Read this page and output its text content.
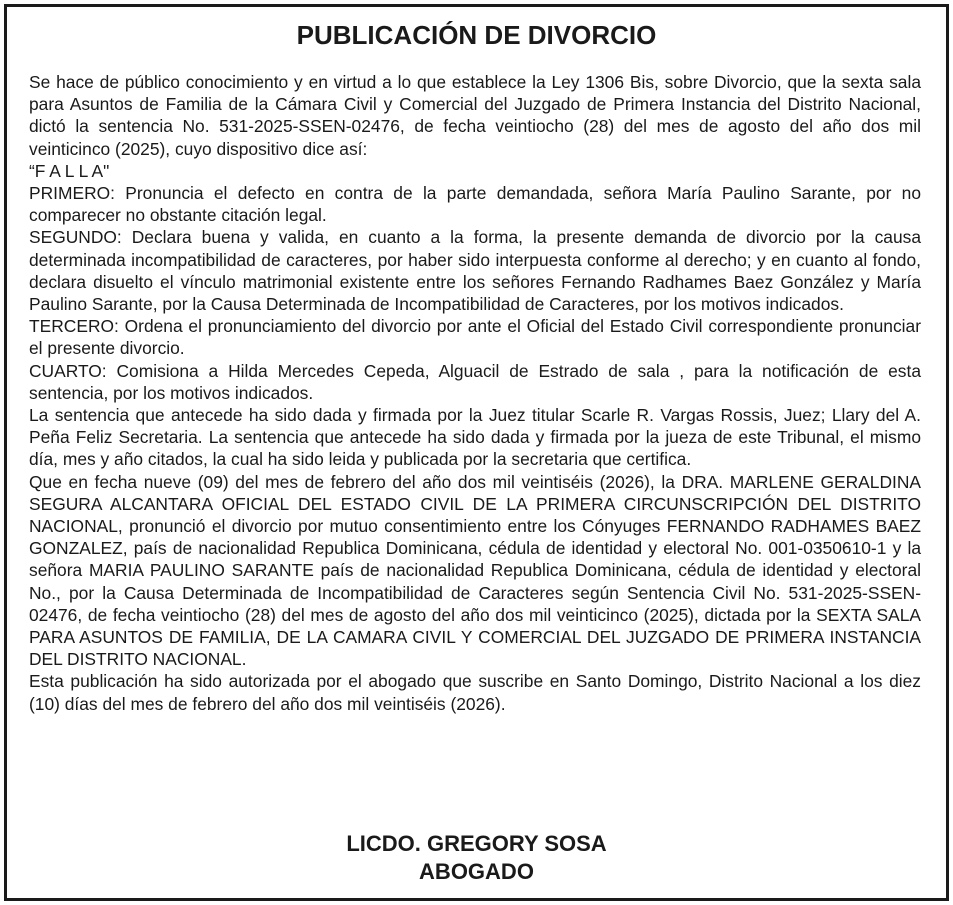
PUBLICACIÓN DE DIVORCIO

Se hace de público conocimiento y en virtud a lo que establece la Ley 1306 Bis, sobre Divorcio, que la sexta sala para Asuntos de Familia de la Cámara Civil y Comercial del Juzgado de Primera Instancia del Distrito Nacional, dictó la sentencia No. 531-2025-SSEN-02476, de fecha veintiocho (28) del mes de agosto del año dos mil veinticinco (2025), cuyo dispositivo dice así:

“F A L L A"

PRIMERO: Pronuncia el defecto en contra de la parte demandada, señora María Paulino Sarante, por no comparecer no obstante citación legal.

SEGUNDO: Declara buena y valida, en cuanto a la forma, la presente demanda de divorcio por la causa determinada incompatibilidad de caracteres, por haber sido interpuesta conforme al derecho; y en cuanto al fondo, declara disuelto el vínculo matrimonial existente entre los señores Fernando Radhames Baez González y María Paulino Sarante, por la Causa Determinada de Incompatibilidad de Caracteres, por los motivos indicados.

TERCERO: Ordena el pronunciamiento del divorcio por ante el Oficial del Estado Civil correspondiente pronunciar el presente divorcio.

CUARTO: Comisiona a Hilda Mercedes Cepeda, Alguacil de Estrado de sala , para la notificación de esta sentencia, por los motivos indicados.

La sentencia que antecede ha sido dada y firmada por la Juez titular Scarle R. Vargas Rossis, Juez; Llary del A. Peña Feliz Secretaria. La sentencia que antecede ha sido dada y firmada por la jueza de este Tribunal, el mismo día, mes y año citados, la cual ha sido leida y publicada por la secretaria que certifica.

Que en fecha nueve (09) del mes de febrero del año dos mil veintiséis (2026), la DRA. MARLENE GERALDINA SEGURA ALCANTARA OFICIAL DEL ESTADO CIVIL DE LA PRIMERA CIRCUNSCRIPCIÓN DEL DISTRITO NACIONAL, pronunció el divorcio por mutuo consentimiento entre los Cónyuges FERNANDO RADHAMES BAEZ GONZALEZ, país de nacionalidad Republica Dominicana, cédula de identidad y electoral No. 001-0350610-1 y la señora MARIA PAULINO SARANTE país de nacionalidad Republica Dominicana, cédula de identidad y electoral No., por la Causa Determinada de Incompatibilidad de Caracteres según Sentencia Civil No. 531-2025-SSEN-02476, de fecha veintiocho (28) del mes de agosto del año dos mil veinticinco (2025), dictada por la SEXTA SALA PARA ASUNTOS DE FAMILIA, DE LA CAMARA CIVIL Y COMERCIAL DEL JUZGADO DE PRIMERA INSTANCIA DEL DISTRITO NACIONAL.

Esta publicación ha sido autorizada por el abogado que suscribe en Santo Domingo, Distrito Nacional a los diez (10) días del mes de febrero del año dos mil veintiséis (2026).

LICDO. GREGORY SOSA
ABOGADO
